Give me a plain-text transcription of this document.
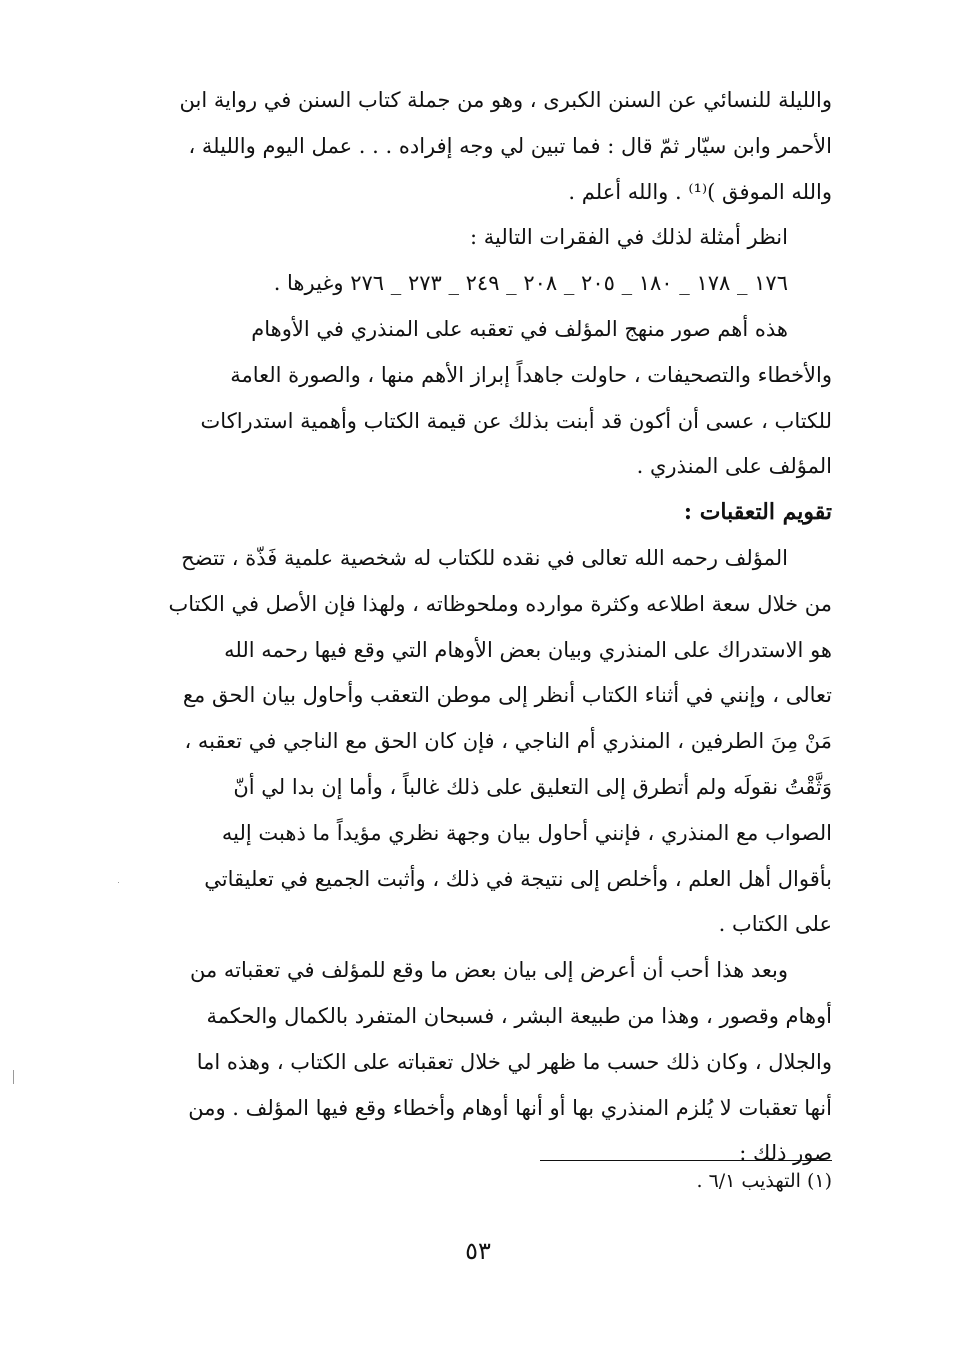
والليلة للنسائي عن السنن الكبرى ، وهو من جملة كتاب السنن في رواية ابن
الأحمر وابن سيّار ثمّ قال : فما تبين لي وجه إفراده . . . عمل اليوم والليلة ،
والله الموفق )⁽¹⁾ . والله أعلم .
انظر أمثلة لذلك في الفقرات التالية :
١٧٦ _ ١٧٨ _ ١٨٠ _ ٢٠٥ _ ٢٠٨ _ ٢٤٩ _ ٢٧٣ _ ٢٧٦ وغيرها .
هذه أهم صور منهج المؤلف في تعقبه على المنذري في الأوهام
والأخطاء والتصحيفات ، حاولت جاهداً إبراز الأهم منها ، والصورة العامة
للكتاب ، عسى أن أكون قد أبنت بذلك عن قيمة الكتاب وأهمية استدراكات
المؤلف على المنذري .
تقويم التعقبات :
المؤلف رحمه الله تعالى في نقده للكتاب له شخصية علمية فَذّة ، تتضح
من خلال سعة اطلاعه وكثرة موارده وملحوظاته ، ولهذا فإن الأصل في الكتاب
هو الاستدراك على المنذري وبيان بعض الأوهام التي وقع فيها رحمه الله
تعالى ، وإنني في أثناء الكتاب أنظر إلى موطن التعقب وأحاول بيان الحق مع
مَنْ مِنَ الطرفين ، المنذري أم الناجي ، فإن كان الحق مع الناجي في تعقبه ،
وَثَّقْتُ نقولَه ولم أتطرق إلى التعليق على ذلك غالباً ، وأما إن بدا لي أنّ
الصواب مع المنذري ، فإنني أحاول بيان وجهة نظري مؤيداً ما ذهبت إليه
بأقوال أهل العلم ، وأخلص إلى نتيجة في ذلك ، وأثبت الجميع في تعليقاتي
على الكتاب .
وبعد هذا أحب أن أعرض إلى بيان بعض ما وقع للمؤلف في تعقباته من
أوهام وقصور ، وهذا من طبيعة البشر ، فسبحان المتفرد بالكمال والحكمة
والجلال ، وكان ذلك حسب ما ظهر لي خلال تعقباته على الكتاب ، وهذه اما
أنها تعقبات لا يُلزم المنذري بها أو أنها أوهام وأخطاء وقع فيها المؤلف . ومن
صور ذلك :
(١) التهذيب ٦/١ .
٥٣
